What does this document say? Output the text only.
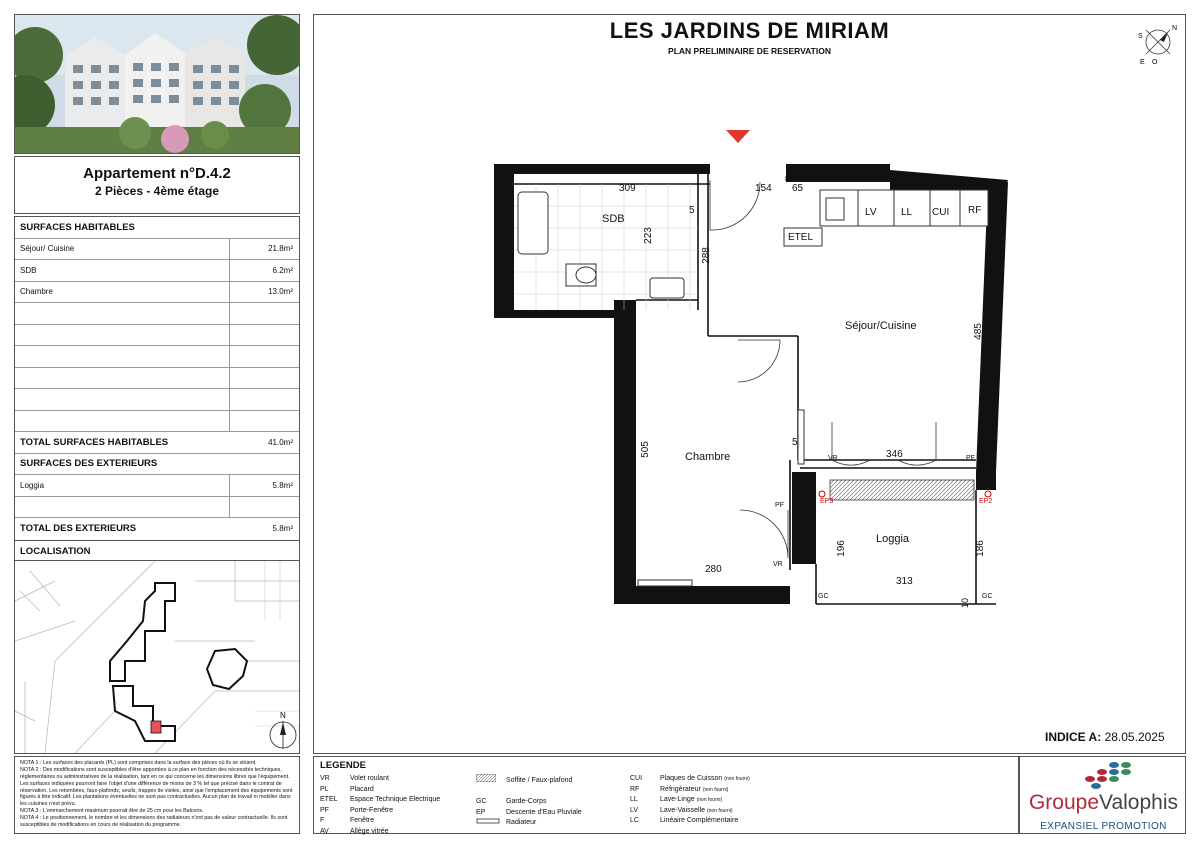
Appartement n°D.4.2
2 Pièces - 4ème étage
SURFACES HABITABLES
Séjour/ Cuisine	21.8m²
SDB	6.2m²
Chambre	13.0m²
TOTAL SURFACES HABITABLES	41.0m²
SURFACES DES EXTERIEURS
Loggia	5.8m²
TOTAL DES EXTERIEURS	5.8m²
LOCALISATION
N
NOTA 1 : Les surfaces des placards (PL) sont comprises dans la surface des pièces où ils se situent.
NOTA 2 : Des modifications sont susceptibles d'être apportées à ce plan en fonction des nécessités techniques, réglementaires ou administratives de la réalisation, tant en ce qui concerne les dimensions libres que l'équipement. Les surfaces indiquées pourront faire l'objet d'une différence de moins de 3 % tel que précisé dans le contrat de réservation. Les retombées, faux-plafonds, seuils, trappes de visites, ainsi que l'emplacement des équipements sont figurés à titre indicatif. Les plantations éventuelles ne sont pas contractuelles. Aucun plan de travail ni mobilier dans les cuisines n'est prévu.
NOTA 3 : L'emmarchement maximum pourrait être de 25 cm pour les Balcons.
NOTA 4 : Le positionnement, le nombre et les dimensions des radiateurs n'ont pas de valeur contractuelle. Ils sont susceptibles de modifications en cours de réalisation du programme.
LES JARDINS DE MIRIAM
PLAN PRELIMINAIRE DE RESERVATION
N
S
O
E
SDB
Séjour/Cuisine
Chambre
Loggia
LV LL CUI RF
ETEL
PL
309	154 65
223
288
485
505	346
196	186
313
280
5
5
10
VR	PF
PF
VR
EP3	EP2
GC	GC
INDICE A: 28.05.2025
LEGENDE
VR	Volet roulant
PL	Placard
ETEL Espace Technique Electrique
PF	Porte-Fenêtre
F	Fenêtre
AV	Allège vitrée
Soffite / Faux-plafond
GC	Garde-Corps
EP	Descente d'Eau Pluviale
Radiateur
CUI	Plaques de Cuisson (non fourni)
RF	Réfrigérateur (non fourni)
LL	Lave-Linge (non fourni)
LV	Lave-Vaisselle (non fourni)
LC	Linéaire Complémentaire
GroupeValophis
EXPANSIEL PROMOTION
